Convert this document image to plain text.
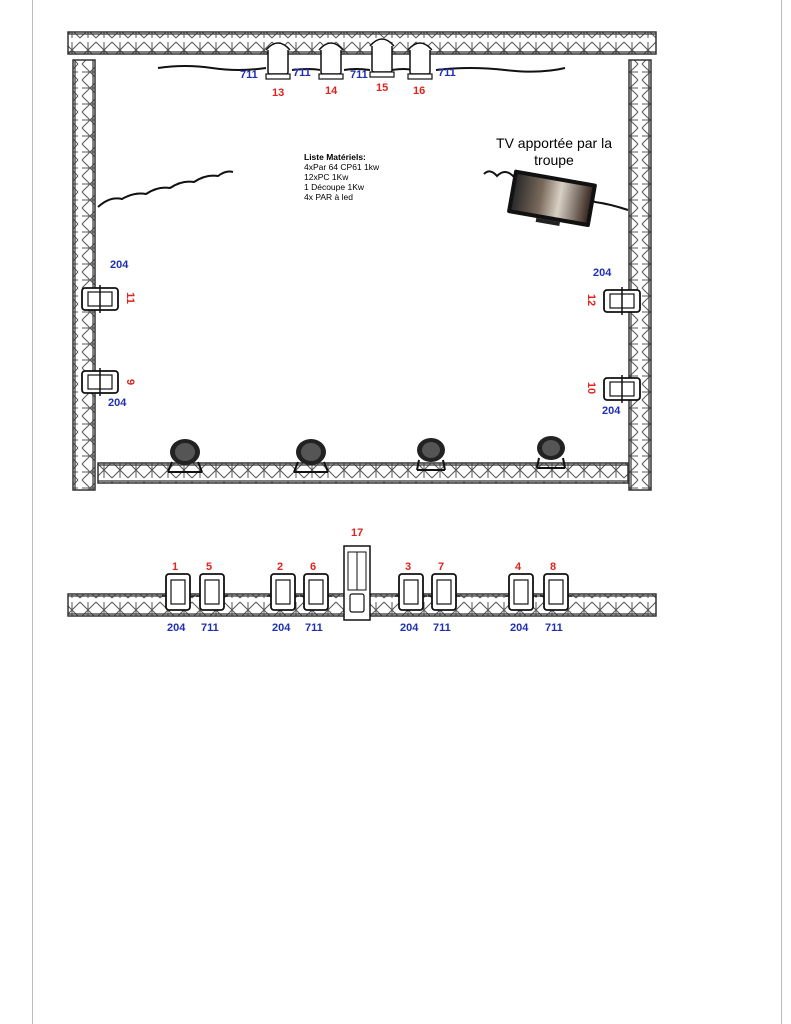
711
13
711
14
711
15
711
16
204
11
9
204
204
12
10
204
Liste Matériels:
4xPar 64 CP61 1kw
12xPC 1Kw
1 Découpe 1Kw
4x PAR à led
TV apportée par la troupe
1
204
5
711
2
204
6
711
17
3
204
7
711
4
204
8
711
